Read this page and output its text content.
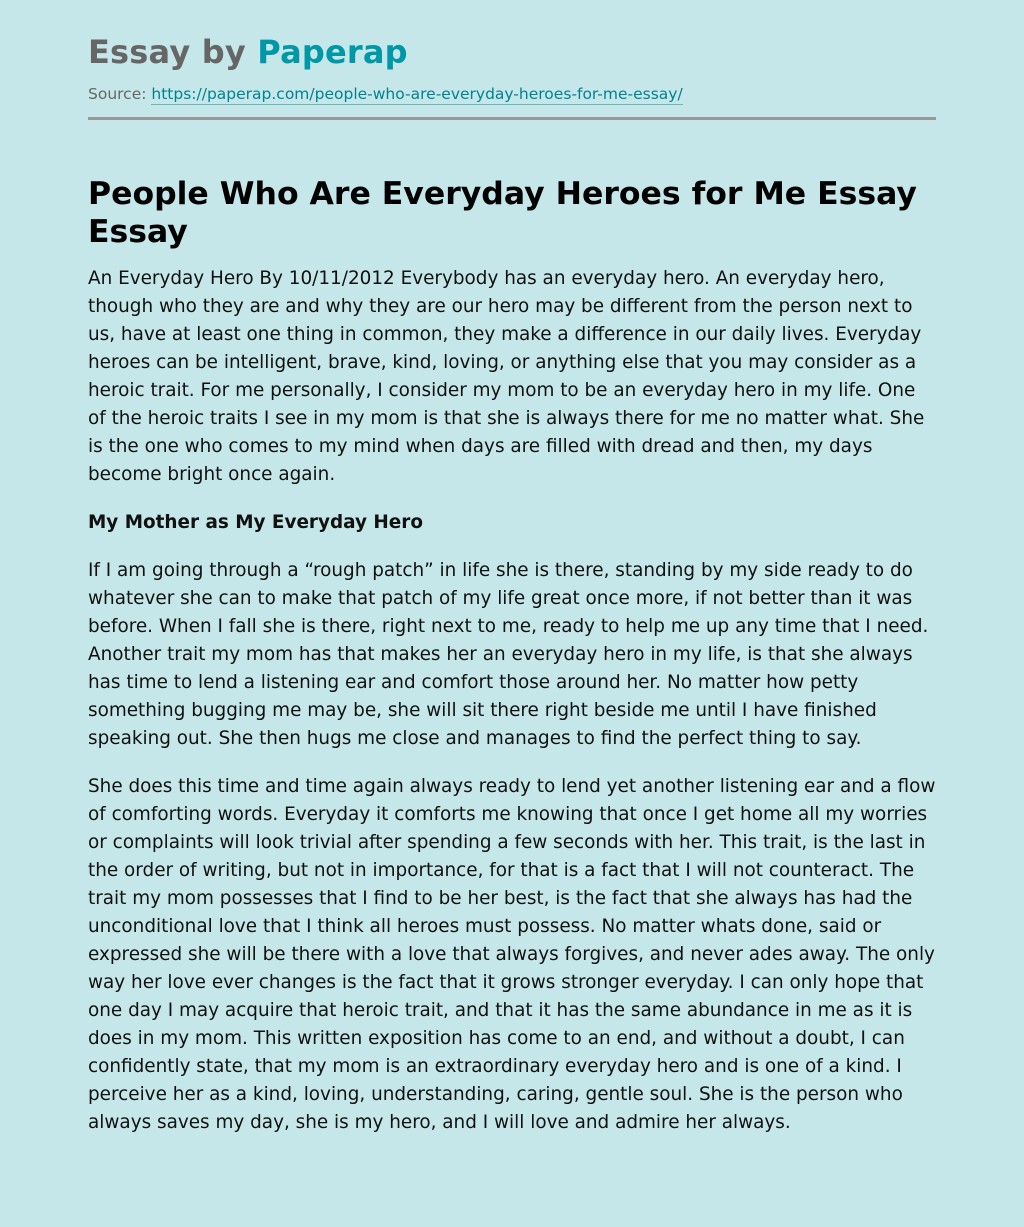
Essay by Paperap
Source: https://paperap.com/people-who-are-everyday-heroes-for-me-essay/
People Who Are Everyday Heroes for Me Essay Essay

An Everyday Hero By 10/11/2012 Everybody has an everyday hero. An everyday hero, though who they are and why they are our hero may be different from the person next to us, have at least one thing in common, they make a difference in our daily lives. Everyday heroes can be intelligent, brave, kind, loving, or anything else that you may consider as a heroic trait. For me personally, I consider my mom to be an everyday hero in my life. One of the heroic traits I see in my mom is that she is always there for me no matter what. She is the one who comes to my mind when days are filled with dread and then, my days become bright once again.

My Mother as My Everyday Hero

If I am going through a “rough patch” in life she is there, standing by my side ready to do whatever she can to make that patch of my life great once more, if not better than it was before. When I fall she is there, right next to me, ready to help me up any time that I need. Another trait my mom has that makes her an everyday hero in my life, is that she always has time to lend a listening ear and comfort those around her. No matter how petty something bugging me may be, she will sit there right beside me until I have finished speaking out. She then hugs me close and manages to find the perfect thing to say.

She does this time and time again always ready to lend yet another listening ear and a flow of comforting words. Everyday it comforts me knowing that once I get home all my worries or complaints will look trivial after spending a few seconds with her. This trait, is the last in the order of writing, but not in importance, for that is a fact that I will not counteract. The trait my mom possesses that I find to be her best, is the fact that she always has had the unconditional love that I think all heroes must possess. No matter whats done, said or expressed she will be there with a love that always forgives, and never ades away. The only way her love ever changes is the fact that it grows stronger everyday. I can only hope that one day I may acquire that heroic trait, and that it has the same abundance in me as it is does in my mom. This written exposition has come to an end, and without a doubt, I can confidently state, that my mom is an extraordinary everyday hero and is one of a kind. I perceive her as a kind, loving, understanding, caring, gentle soul. She is the person who always saves my day, she is my hero, and I will love and admire her always.
